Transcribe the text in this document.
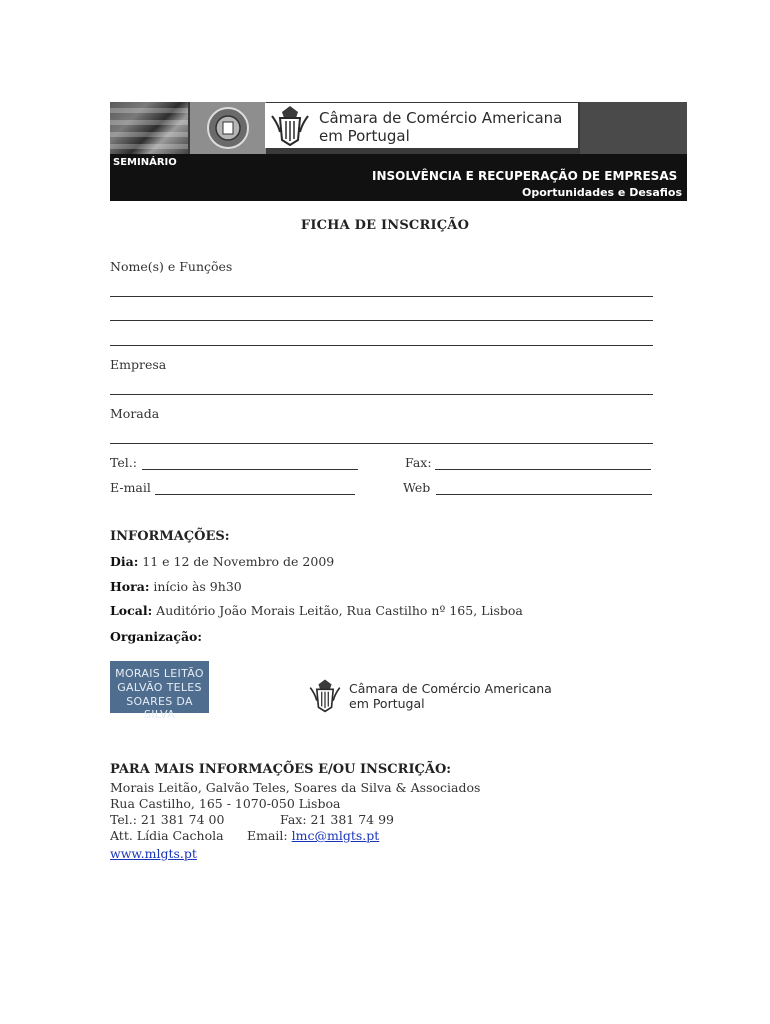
Câmara de Comércio Americana
em Portugal
SEMINÁRIO
INSOLVÊNCIA E RECUPERAÇÃO DE EMPRESAS
Oportunidades e Desafios
FICHA DE INSCRIÇÃO
Nome(s) e Funções
Empresa
Morada
Tel.:	Fax:
E-mail	Web
INFORMAÇÕES:
Dia: 11 e 12 de Novembro de 2009
Hora: início às 9h30
Local: Auditório João Morais Leitão, Rua Castilho nº 165, Lisboa
Organização:
MORAIS LEITÃO
GALVÃO TELES
SOARES DA SILVA
Câmara de Comércio Americana
em Portugal
PARA MAIS INFORMAÇÕES E/OU INSCRIÇÃO:
Morais Leitão, Galvão Teles, Soares da Silva & Associados
Rua Castilho, 165 - 1070-050 Lisboa
Tel.: 21 381 74 00	Fax: 21 381 74 99
Att. Lídia Cachola Email: lmc@mlgts.pt
www.mlgts.pt
